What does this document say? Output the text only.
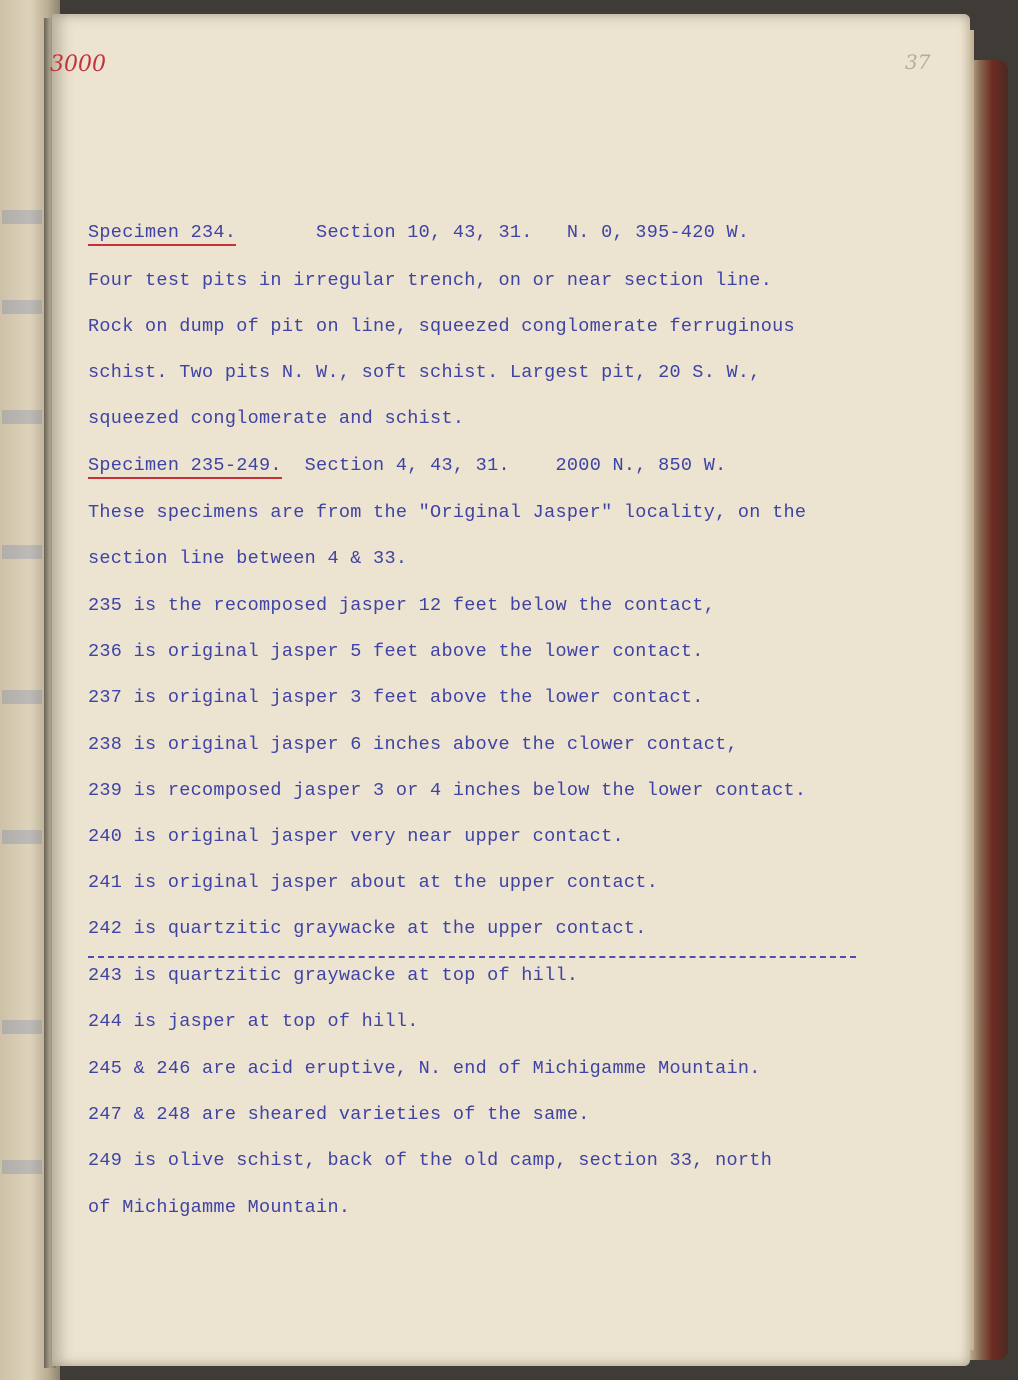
3000	37
Specimen 234.       Section 10, 43, 31.   N. 0, 395-420 W.
Four test pits in irregular trench, on or near section line.
Rock on dump of pit on line, squeezed conglomerate ferruginous
schist. Two pits N. W., soft schist. Largest pit, 20 S. W.,
squeezed conglomerate and schist.
Specimen 235-249.  Section 4, 43, 31.    2000 N., 850 W.
These specimens are from the "Original Jasper" locality, on the
section line between 4 & 33.
235 is the recomposed jasper 12 feet below the contact,
236 is original jasper 5 feet above the lower contact.
237 is original jasper 3 feet above the lower contact.
238 is original jasper 6 inches above the clower contact,
239 is recomposed jasper 3 or 4 inches below the lower contact.
240 is original jasper very near upper contact.
241 is original jasper about at the upper contact.
242 is quartzitic graywacke at the upper contact.
243 is quartzitic graywacke at top of hill.
244 is jasper at top of hill.
245 & 246 are acid eruptive, N. end of Michigamme Mountain.
247 & 248 are sheared varieties of the same.
249 is olive schist, back of the old camp, section 33, north
of Michigamme Mountain.
